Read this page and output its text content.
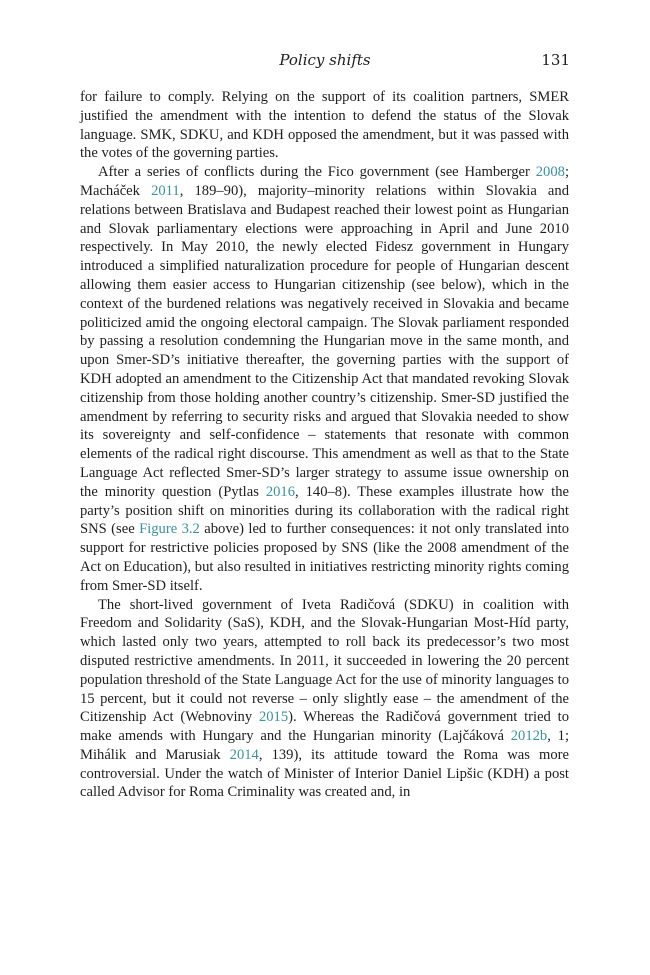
Policy shifts	131

for failure to comply. Relying on the support of its coalition partners, SMER justified the amendment with the intention to defend the status of the Slovak language. SMK, SDKU, and KDH opposed the amendment, but it was passed with the votes of the governing parties.

After a series of conflicts during the Fico government (see Hamberger 2008; Macháček 2011, 189–90), majority–minority relations within Slovakia and relations between Bratislava and Budapest reached their lowest point as Hungarian and Slovak parliamentary elections were approaching in April and June 2010 respectively. In May 2010, the newly elected Fidesz government in Hungary introduced a simplified naturalization procedure for people of Hungarian descent allowing them easier access to Hungarian citizenship (see below), which in the context of the burdened relations was negatively received in Slovakia and became politicized amid the ongoing electoral campaign. The Slovak parliament responded by passing a resolution condemning the Hungarian move in the same month, and upon Smer-SD’s initiative thereafter, the governing parties with the support of KDH adopted an amendment to the Citizenship Act that mandated revoking Slovak citizenship from those holding another country’s citizenship. Smer-SD justified the amendment by referring to security risks and argued that Slovakia needed to show its sovereignty and self-confidence – statements that resonate with common elements of the radical right discourse. This amendment as well as that to the State Language Act reflected Smer-SD’s larger strategy to assume issue ownership on the minority question (Pytlas 2016, 140–8). These examples illustrate how the party’s position shift on minorities during its collaboration with the radical right SNS (see Figure 3.2 above) led to further consequences: it not only translated into support for restrictive policies proposed by SNS (like the 2008 amendment of the Act on Education), but also resulted in initiatives restricting minority rights coming from Smer-SD itself.

The short-lived government of Iveta Radičová (SDKU) in coalition with Freedom and Solidarity (SaS), KDH, and the Slovak-Hungarian Most-Híd party, which lasted only two years, attempted to roll back its predecessor’s two most disputed restrictive amendments. In 2011, it succeeded in lowering the 20 percent population threshold of the State Language Act for the use of minority languages to 15 percent, but it could not reverse – only slightly ease – the amendment of the Citizenship Act (Webnoviny 2015). Whereas the Radičová government tried to make amends with Hungary and the Hungarian minority (Lajčáková 2012b, 1; Mihálik and Marusiak 2014, 139), its attitude toward the Roma was more controversial. Under the watch of Minister of Interior Daniel Lipšic (KDH) a post called Advisor for Roma Criminality was created and, in
